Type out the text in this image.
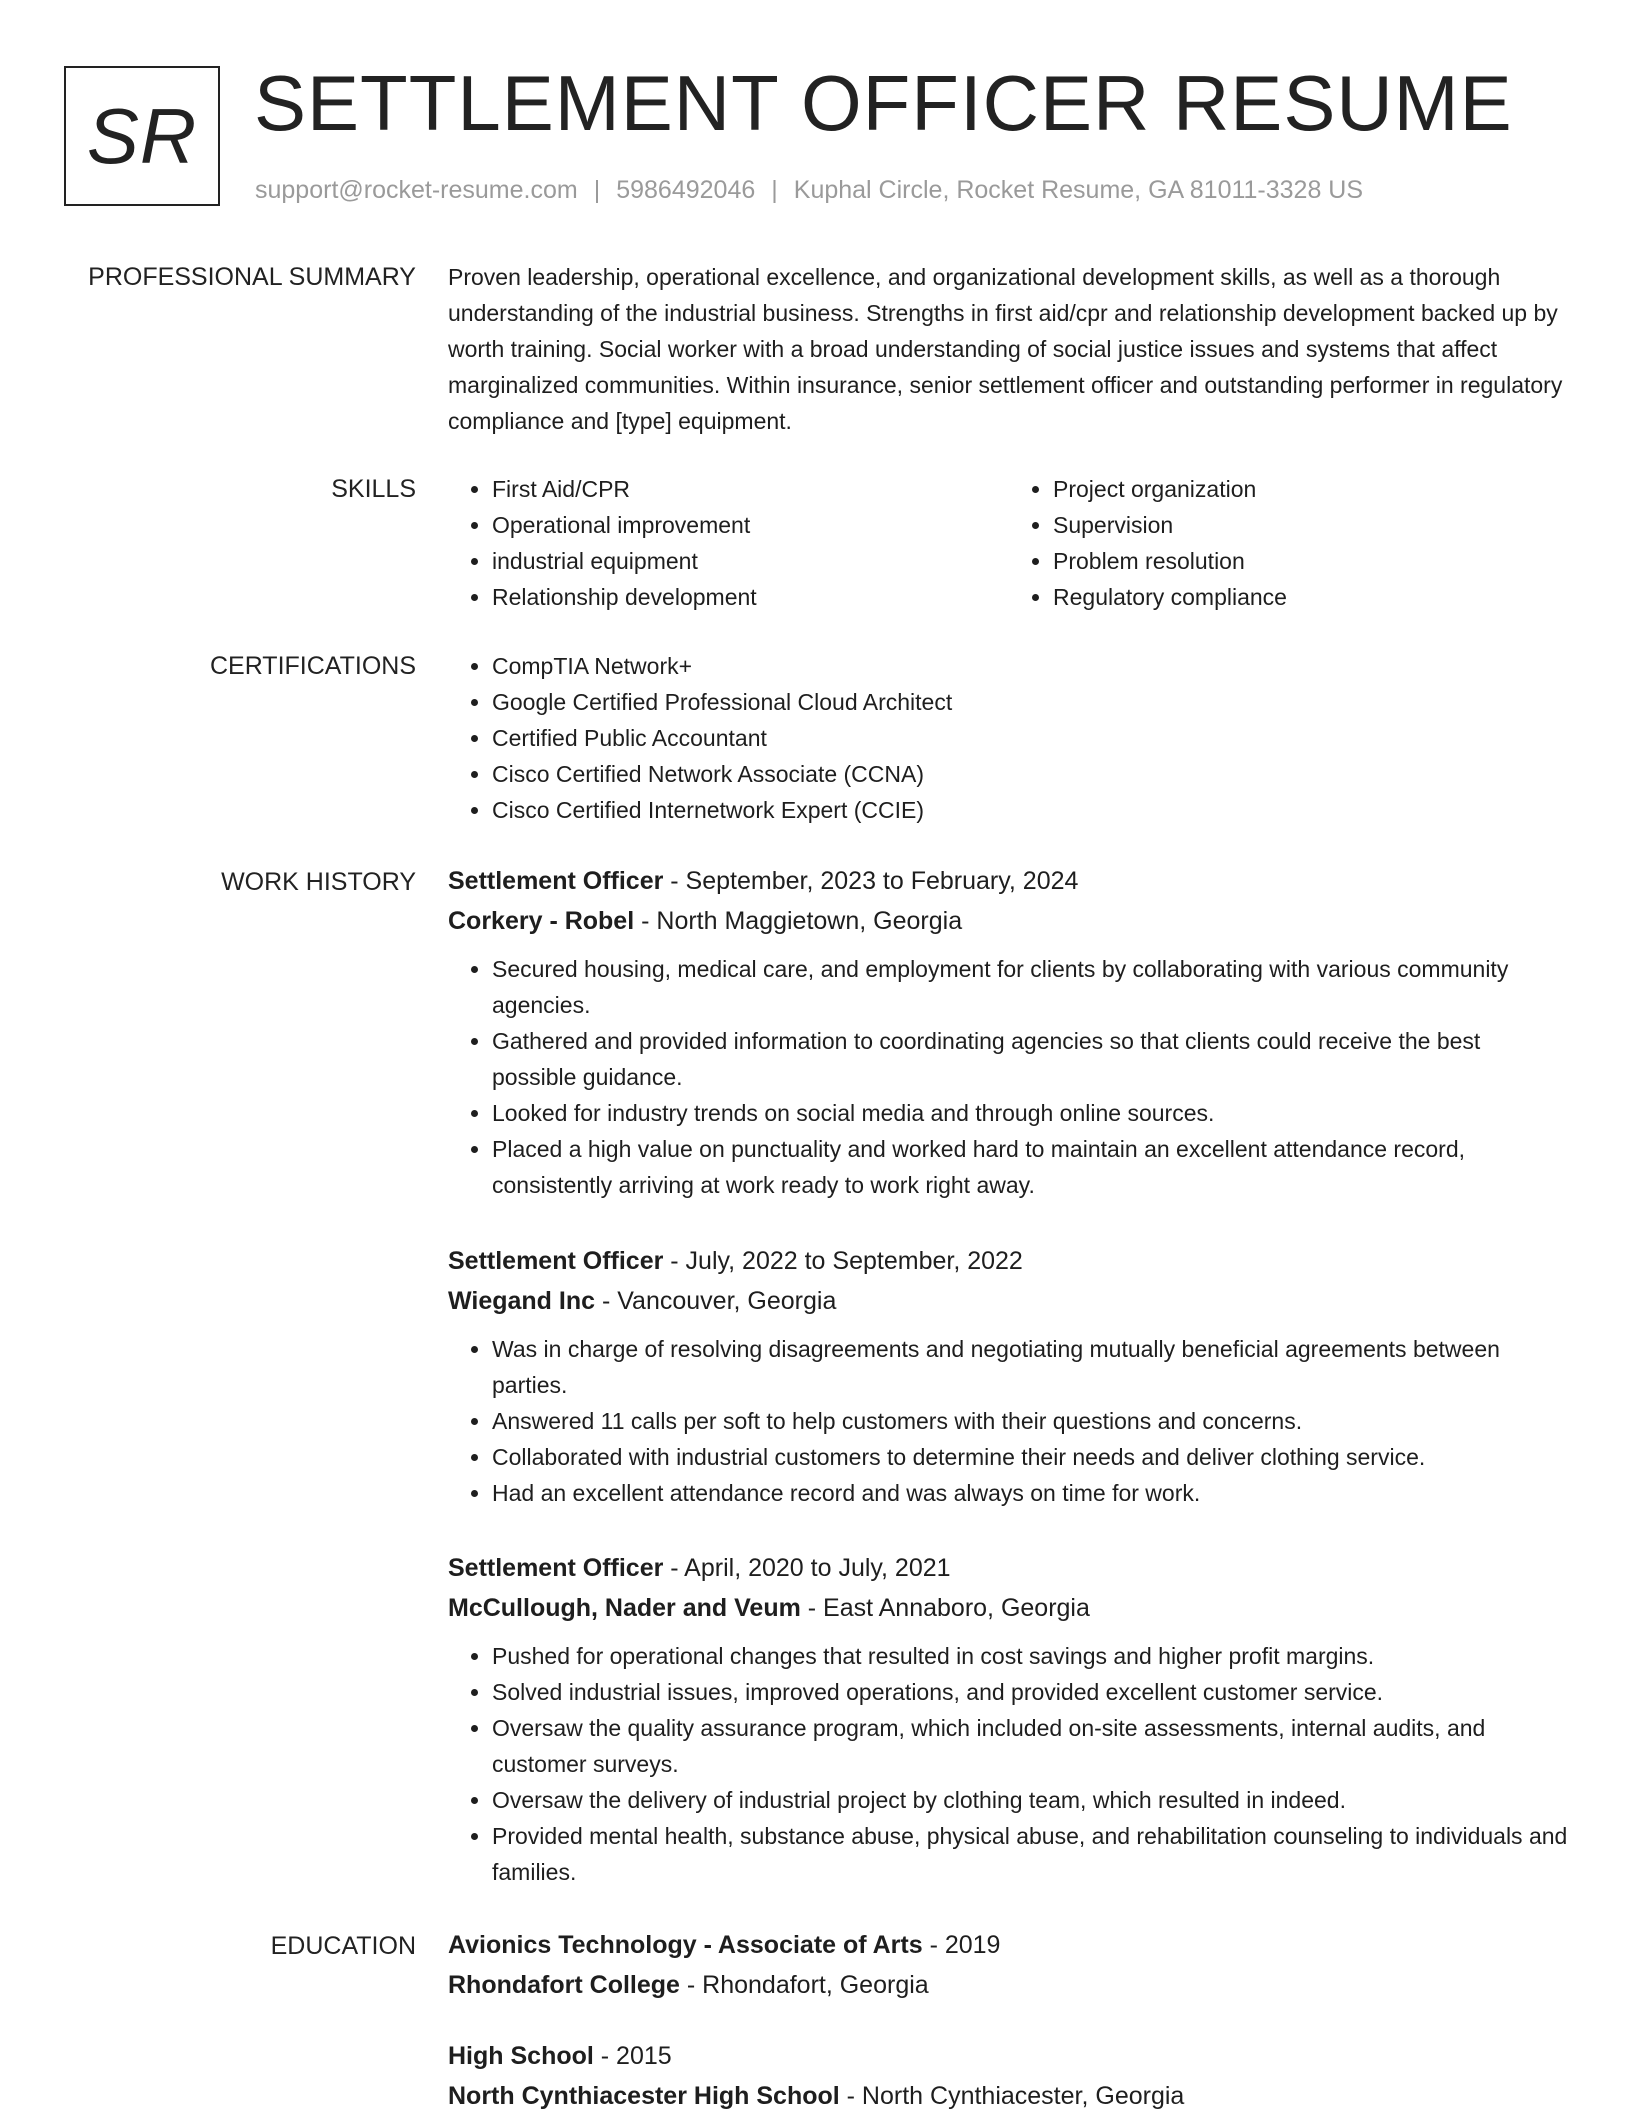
SR SETTLEMENT OFFICER RESUME
support@rocket-resume.com | 5986492046 | Kuphal Circle, Rocket Resume, GA 81011-3328 US
PROFESSIONAL SUMMARY Proven leadership, operational excellence, and organizational development skills, as well as a thorough understanding of the industrial business. Strengths in first aid/cpr and relationship development backed up by worth training. Social worker with a broad understanding of social justice issues and systems that affect marginalized communities. Within insurance, senior settlement officer and outstanding performer in regulatory compliance and [type] equipment.

SKILLS	• First Aid/CPR
• Operational improvement
• industrial equipment
• Relationship development
• Project organization
• Supervision
• Problem resolution
• Regulatory compliance
CERTIFICATIONS	• CompTIA Network+
• Google Certified Professional Cloud Architect
• Certified Public Accountant
• Cisco Certified Network Associate (CCNA)
• Cisco Certified Internetwork Expert (CCIE)
WORK HISTORY Settlement Officer - September, 2023 to February, 2024
Corkery - Robel - North Maggietown, Georgia
• Secured housing, medical care, and employment for clients by collaborating with various community agencies.
• Gathered and provided information to coordinating agencies so that clients could receive the best possible guidance.
• Looked for industry trends on social media and through online sources.
• Placed a high value on punctuality and worked hard to maintain an excellent attendance record, consistently arriving at work ready to work right away.
Settlement Officer - July, 2022 to September, 2022
Wiegand Inc - Vancouver, Georgia
• Was in charge of resolving disagreements and negotiating mutually beneficial agreements between parties.
• Answered 11 calls per soft to help customers with their questions and concerns.
• Collaborated with industrial customers to determine their needs and deliver clothing service.
• Had an excellent attendance record and was always on time for work.
Settlement Officer - April, 2020 to July, 2021
McCullough, Nader and Veum - East Annaboro, Georgia
• Pushed for operational changes that resulted in cost savings and higher profit margins.
• Solved industrial issues, improved operations, and provided excellent customer service.
• Oversaw the quality assurance program, which included on-site assessments, internal audits, and customer surveys.
• Oversaw the delivery of industrial project by clothing team, which resulted in indeed.
• Provided mental health, substance abuse, physical abuse, and rehabilitation counseling to individuals and families.
EDUCATION Avionics Technology - Associate of Arts - 2019
Rhondafort College - Rhondafort, Georgia
High School - 2015
North Cynthiacester High School - North Cynthiacester, Georgia
